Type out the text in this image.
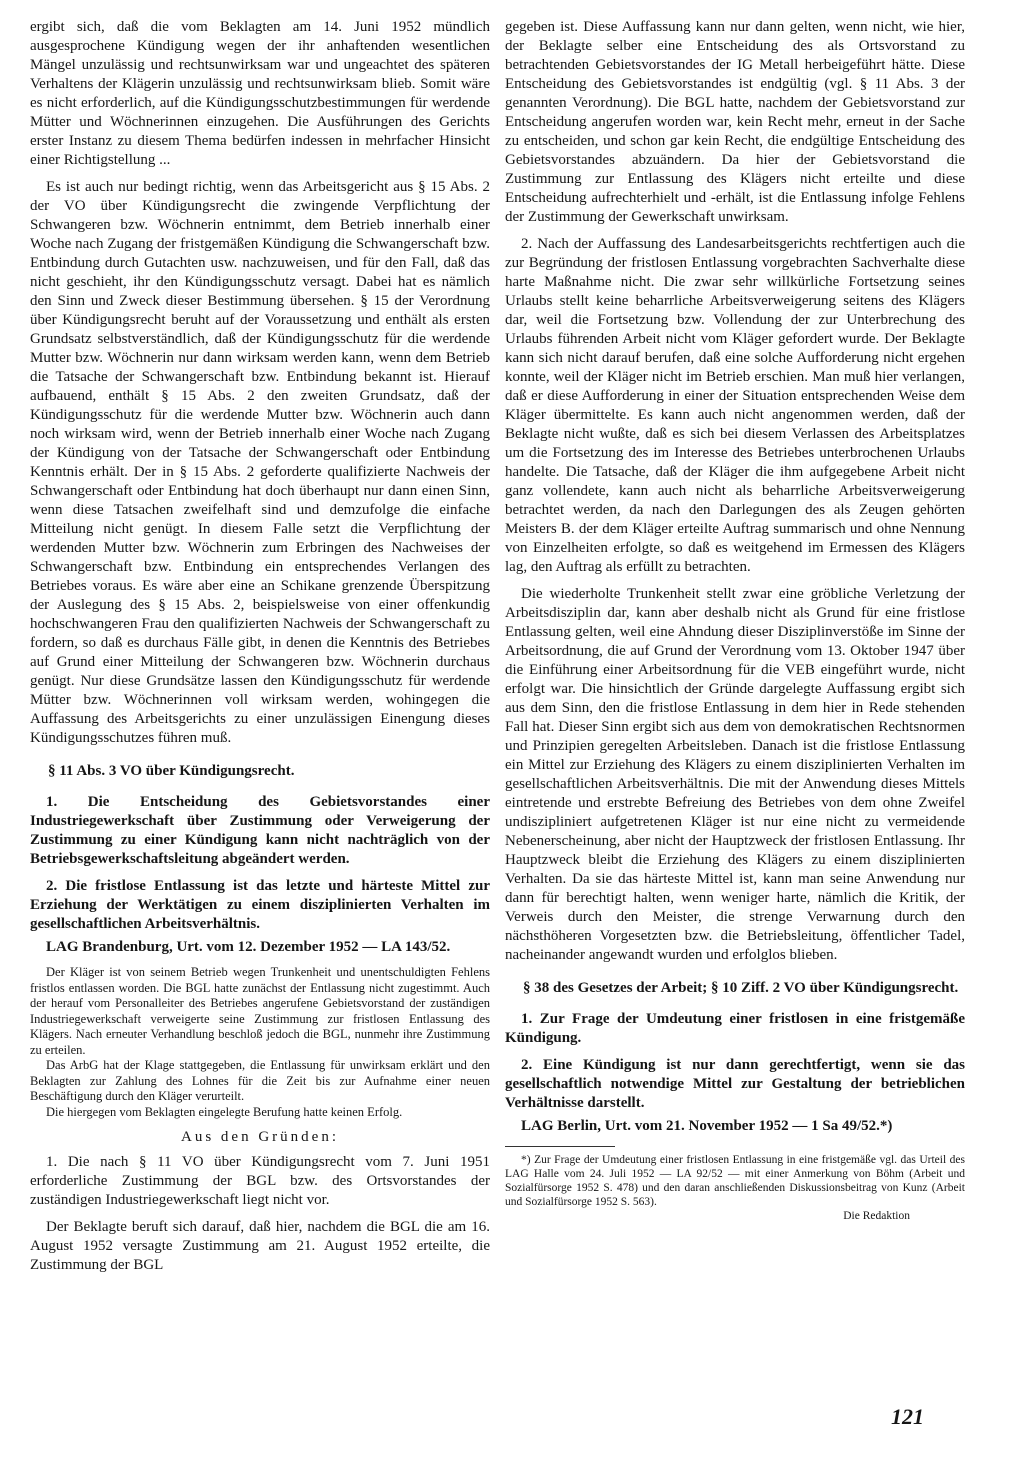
ergibt sich, daß die vom Beklagten am 14. Juni 1952 mündlich ausgesprochene Kündigung wegen der ihr anhaftenden wesentlichen Mängel unzulässig und rechtsunwirksam war und ungeachtet des späteren Verhaltens der Klägerin unzulässig und rechtsunwirksam blieb. Somit wäre es nicht erforderlich, auf die Kündigungsschutzbestimmungen für werdende Mütter und Wöchnerinnen einzugehen. Die Ausführungen des Gerichts erster Instanz zu diesem Thema bedürfen indessen in mehrfacher Hinsicht einer Richtigstellung ...

Es ist auch nur bedingt richtig, wenn das Arbeitsgericht aus § 15 Abs. 2 der VO über Kündigungsrecht die zwingende Verpflichtung der Schwangeren bzw. Wöchnerin entnimmt, dem Betrieb innerhalb einer Woche nach Zugang der fristgemäßen Kündigung die Schwangerschaft bzw. Entbindung durch Gutachten usw. nachzuweisen, und für den Fall, daß das nicht geschieht, ihr den Kündigungsschutz versagt. Dabei hat es nämlich den Sinn und Zweck dieser Bestimmung übersehen. § 15 der Verordnung über Kündigungsrecht beruht auf der Voraussetzung und enthält als ersten Grundsatz selbstverständlich, daß der Kündigungsschutz für die werdende Mutter bzw. Wöchnerin nur dann wirksam werden kann, wenn dem Betrieb die Tatsache der Schwangerschaft bzw. Entbindung bekannt ist. Hierauf aufbauend, enthält § 15 Abs. 2 den zweiten Grundsatz, daß der Kündigungsschutz für die werdende Mutter bzw. Wöchnerin auch dann noch wirksam wird, wenn der Betrieb innerhalb einer Woche nach Zugang der Kündigung von der Tatsache der Schwangerschaft oder Entbindung Kenntnis erhält. Der in § 15 Abs. 2 geforderte qualifizierte Nachweis der Schwangerschaft oder Entbindung hat doch überhaupt nur dann einen Sinn, wenn diese Tatsachen zweifelhaft sind und demzufolge die einfache Mitteilung nicht genügt. In diesem Falle setzt die Verpflichtung der werdenden Mutter bzw. Wöchnerin zum Erbringen des Nachweises der Schwangerschaft bzw. Entbindung ein entsprechendes Verlangen des Betriebes voraus. Es wäre aber eine an Schikane grenzende Überspitzung der Auslegung des § 15 Abs. 2, beispielsweise von einer offenkundig hochschwangeren Frau den qualifizierten Nachweis der Schwangerschaft zu fordern, so daß es durchaus Fälle gibt, in denen die Kenntnis des Betriebes auf Grund einer Mitteilung der Schwangeren bzw. Wöchnerin durchaus genügt. Nur diese Grundsätze lassen den Kündigungsschutz für werdende Mütter bzw. Wöchnerinnen voll wirksam werden, wohingegen die Auffassung des Arbeitsgerichts zu einer unzulässigen Einengung dieses Kündigungsschutzes führen muß.

§ 11 Abs. 3 VO über Kündigungsrecht.

1. Die Entscheidung des Gebietsvorstandes einer Industriegewerkschaft über Zustimmung oder Verweigerung der Zustimmung zu einer Kündigung kann nicht nachträglich von der Betriebsgewerkschaftsleitung abgeändert werden.

2. Die fristlose Entlassung ist das letzte und härteste Mittel zur Erziehung der Werktätigen zu einem disziplinierten Verhalten im gesellschaftlichen Arbeitsverhältnis.

LAG Brandenburg, Urt. vom 12. Dezember 1952 — LA 143/52.

Der Kläger ist von seinem Betrieb wegen Trunkenheit und unentschuldigten Fehlens fristlos entlassen worden. Die BGL hatte zunächst der Entlassung nicht zugestimmt. Auch der herauf vom Personalleiter des Betriebes angerufene Gebietsvorstand der zuständigen Industriegewerkschaft verweigerte seine Zustimmung zur fristlosen Entlassung des Klägers. Nach erneuter Verhandlung beschloß jedoch die BGL, nunmehr ihre Zustimmung zu erteilen.

Das ArbG hat der Klage stattgegeben, die Entlassung für unwirksam erklärt und den Beklagten zur Zahlung des Lohnes für die Zeit bis zur Aufnahme einer neuen Beschäftigung durch den Kläger verurteilt.

Die hiergegen vom Beklagten eingelegte Berufung hatte keinen Erfolg.

Aus den Gründen:

1. Die nach § 11 VO über Kündigungsrecht vom 7. Juni 1951 erforderliche Zustimmung der BGL bzw. des Ortsvorstandes der zuständigen Industriegewerkschaft liegt nicht vor.

Der Beklagte beruft sich darauf, daß hier, nachdem die BGL die am 16. August 1952 versagte Zustimmung am 21. August 1952 erteilte, die Zustimmung der BGL

gegeben ist. Diese Auffassung kann nur dann gelten, wenn nicht, wie hier, der Beklagte selber eine Entscheidung des als Ortsvorstand zu betrachtenden Gebietsvorstandes der IG Metall herbeigeführt hätte. Diese Entscheidung des Gebietsvorstandes ist endgültig (vgl. § 11 Abs. 3 der genannten Verordnung). Die BGL hatte, nachdem der Gebietsvorstand zur Entscheidung angerufen worden war, kein Recht mehr, erneut in der Sache zu entscheiden, und schon gar kein Recht, die endgültige Entscheidung des Gebietsvorstandes abzuändern. Da hier der Gebietsvorstand die Zustimmung zur Entlassung des Klägers nicht erteilte und diese Entscheidung aufrechterhielt und -erhält, ist die Entlassung infolge Fehlens der Zustimmung der Gewerkschaft unwirksam.

2. Nach der Auffassung des Landesarbeitsgerichts rechtfertigen auch die zur Begründung der fristlosen Entlassung vorgebrachten Sachverhalte diese harte Maßnahme nicht. Die zwar sehr willkürliche Fortsetzung seines Urlaubs stellt keine beharrliche Arbeitsverweigerung seitens des Klägers dar, weil die Fortsetzung bzw. Vollendung der zur Unterbrechung des Urlaubs führenden Arbeit nicht vom Kläger gefordert wurde. Der Beklagte kann sich nicht darauf berufen, daß eine solche Aufforderung nicht ergehen konnte, weil der Kläger nicht im Betrieb erschien. Man muß hier verlangen, daß er diese Aufforderung in einer der Situation entsprechenden Weise dem Kläger übermittelte. Es kann auch nicht angenommen werden, daß der Beklagte nicht wußte, daß es sich bei diesem Verlassen des Arbeitsplatzes um die Fortsetzung des im Interesse des Betriebes unterbrochenen Urlaubs handelte. Die Tatsache, daß der Kläger die ihm aufgegebene Arbeit nicht ganz vollendete, kann auch nicht als beharrliche Arbeitsverweigerung betrachtet werden, da nach den Darlegungen des als Zeugen gehörten Meisters B. der dem Kläger erteilte Auftrag summarisch und ohne Nennung von Einzelheiten erfolgte, so daß es weitgehend im Ermessen des Klägers lag, den Auftrag als erfüllt zu betrachten.

Die wiederholte Trunkenheit stellt zwar eine gröbliche Verletzung der Arbeitsdisziplin dar, kann aber deshalb nicht als Grund für eine fristlose Entlassung gelten, weil eine Ahndung dieser Disziplinverstöße im Sinne der Arbeitsordnung, die auf Grund der Verordnung vom 13. Oktober 1947 über die Einführung einer Arbeitsordnung für die VEB eingeführt wurde, nicht erfolgt war. Die hinsichtlich der Gründe dargelegte Auffassung ergibt sich aus dem Sinn, den die fristlose Entlassung in dem hier in Rede stehenden Fall hat. Dieser Sinn ergibt sich aus dem von demokratischen Rechtsnormen und Prinzipien geregelten Arbeitsleben. Danach ist die fristlose Entlassung ein Mittel zur Erziehung des Klägers zu einem disziplinierten Verhalten im gesellschaftlichen Arbeitsverhältnis. Die mit der Anwendung dieses Mittels eintretende und erstrebte Befreiung des Betriebes von dem ohne Zweifel undiszipliniert aufgetretenen Kläger ist nur eine nicht zu vermeidende Nebenerscheinung, aber nicht der Hauptzweck der fristlosen Entlassung. Ihr Hauptzweck bleibt die Erziehung des Klägers zu einem disziplinierten Verhalten. Da sie das härteste Mittel ist, kann man seine Anwendung nur dann für berechtigt halten, wenn weniger harte, nämlich die Kritik, der Verweis durch den Meister, die strenge Verwarnung durch den nächsthöheren Vorgesetzten bzw. die Betriebsleitung, öffentlicher Tadel, nacheinander angewandt wurden und erfolglos blieben.

§ 38 des Gesetzes der Arbeit; § 10 Ziff. 2 VO über Kündigungsrecht.

1. Zur Frage der Umdeutung einer fristlosen in eine fristgemäße Kündigung.

2. Eine Kündigung ist nur dann gerechtfertigt, wenn sie das gesellschaftlich notwendige Mittel zur Gestaltung der betrieblichen Verhältnisse darstellt.

LAG Berlin, Urt. vom 21. November 1952 — 1 Sa 49/52.*)

*) Zur Frage der Umdeutung einer fristlosen Entlassung in eine fristgemäße vgl. das Urteil des LAG Halle vom 24. Juli 1952 — LA 92/52 — mit einer Anmerkung von Böhm (Arbeit und Sozialfürsorge 1952 S. 478) und den daran anschließenden Diskussionsbeitrag von Kunz (Arbeit und Sozialfürsorge 1952 S. 563).

Die Redaktion

121
